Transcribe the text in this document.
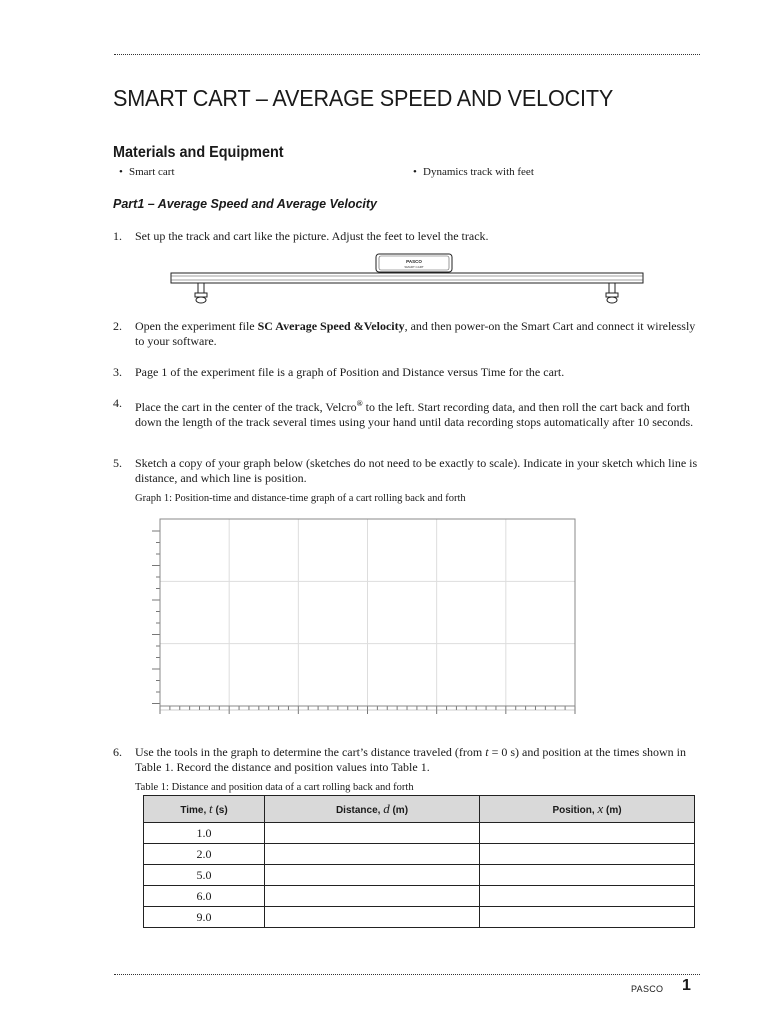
SMART CART – AVERAGE SPEED AND VELOCITY
Materials and Equipment
• Smart cart	• Dynamics track with feet
Part1 – Average Speed and Average Velocity
1. Set up the track and cart like the picture. Adjust the feet to level the track.
PASCO
SMART CART
2. Open the experiment file SC Average Speed &Velocity, and then power-on the Smart Cart and connect it wirelessly to your software.
3. Page 1 of the experiment file is a graph of Position and Distance versus Time for the cart.
4. Place the cart in the center of the track, Velcro® to the left. Start recording data, and then roll the cart back and forth down the length of the track several times using your hand until data recording stops automatically after 10 seconds.
5. Sketch a copy of your graph below (sketches do not need to be exactly to scale). Indicate in your sketch which line is distance, and which line is position.
Graph 1: Position-time and distance-time graph of a cart rolling back and forth
6. Use the tools in the graph to determine the cart’s distance traveled (from t = 0 s) and position at the times shown in Table 1. Record the distance and position values into Table 1.
Table 1: Distance and position data of a cart rolling back and forth
Time, t (s)	Distance, d (m)	Position, x (m)
1.0		
2.0		
5.0		
6.0		
9.0		
PASCO 1
